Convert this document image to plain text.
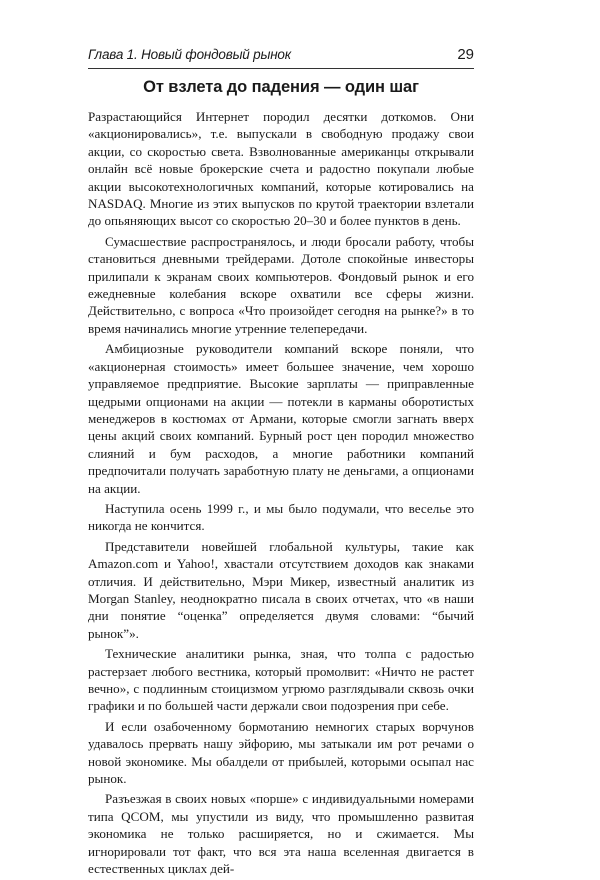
Глава 1. Новый фондовый рынок	29
От взлета до падения — один шаг

Разрастающийся Интернет породил десятки доткомов. Они «акционировались», т.е. выпускали в свободную продажу свои акции, со скоростью света. Взволнованные американцы открывали онлайн всё новые брокерские счета и радостно покупали любые акции высокотехнологичных компаний, которые котировались на NASDAQ. Многие из этих выпусков по крутой траектории взлетали до опьяняющих высот со скоростью 20–30 и более пунктов в день.

Сумасшествие распространялось, и люди бросали работу, чтобы становиться дневными трейдерами. Дотоле спокойные инвесторы прилипали к экранам своих компьютеров. Фондовый рынок и его ежедневные колебания вскоре охватили все сферы жизни. Действительно, с вопроса «Что произойдет сегодня на рынке?» в то время начинались многие утренние телепередачи.

Амбициозные руководители компаний вскоре поняли, что «акционерная стоимость» имеет большее значение, чем хорошо управляемое предприятие. Высокие зарплаты — приправленные щедрыми опционами на акции — потекли в карманы оборотистых менеджеров в костюмах от Армани, которые смогли загнать вверх цены акций своих компаний. Бурный рост цен породил множество слияний и бум расходов, а многие работники компаний предпочитали получать заработную плату не деньгами, а опционами на акции.

Наступила осень 1999 г., и мы было подумали, что веселье это никогда не кончится.

Представители новейшей глобальной культуры, такие как Amazon.com и Yahoo!, хвастали отсутствием доходов как знаками отличия. И действительно, Мэри Микер, известный аналитик из Morgan Stanley, неоднократно писала в своих отчетах, что «в наши дни понятие “оценка” определяется двумя словами: “бычий рынок”».

Технические аналитики рынка, зная, что толпа с радостью растерзает любого вестника, который промолвит: «Ничто не растет вечно», с подлинным стоицизмом угрюмо разглядывали сквозь очки графики и по большей части держали свои подозрения при себе.

И если озабоченному бормотанию немногих старых ворчунов удавалось прервать нашу эйфорию, мы затыкали им рот речами о новой экономике. Мы обалдели от прибылей, которыми осыпал нас рынок.

Разъезжая в своих новых «порше» с индивидуальными номерами типа QCOM, мы упустили из виду, что промышленно развитая экономика не только расширяется, но и сжимается. Мы игнорировали тот факт, что вся эта наша вселенная двигается в естественных циклах дей-
